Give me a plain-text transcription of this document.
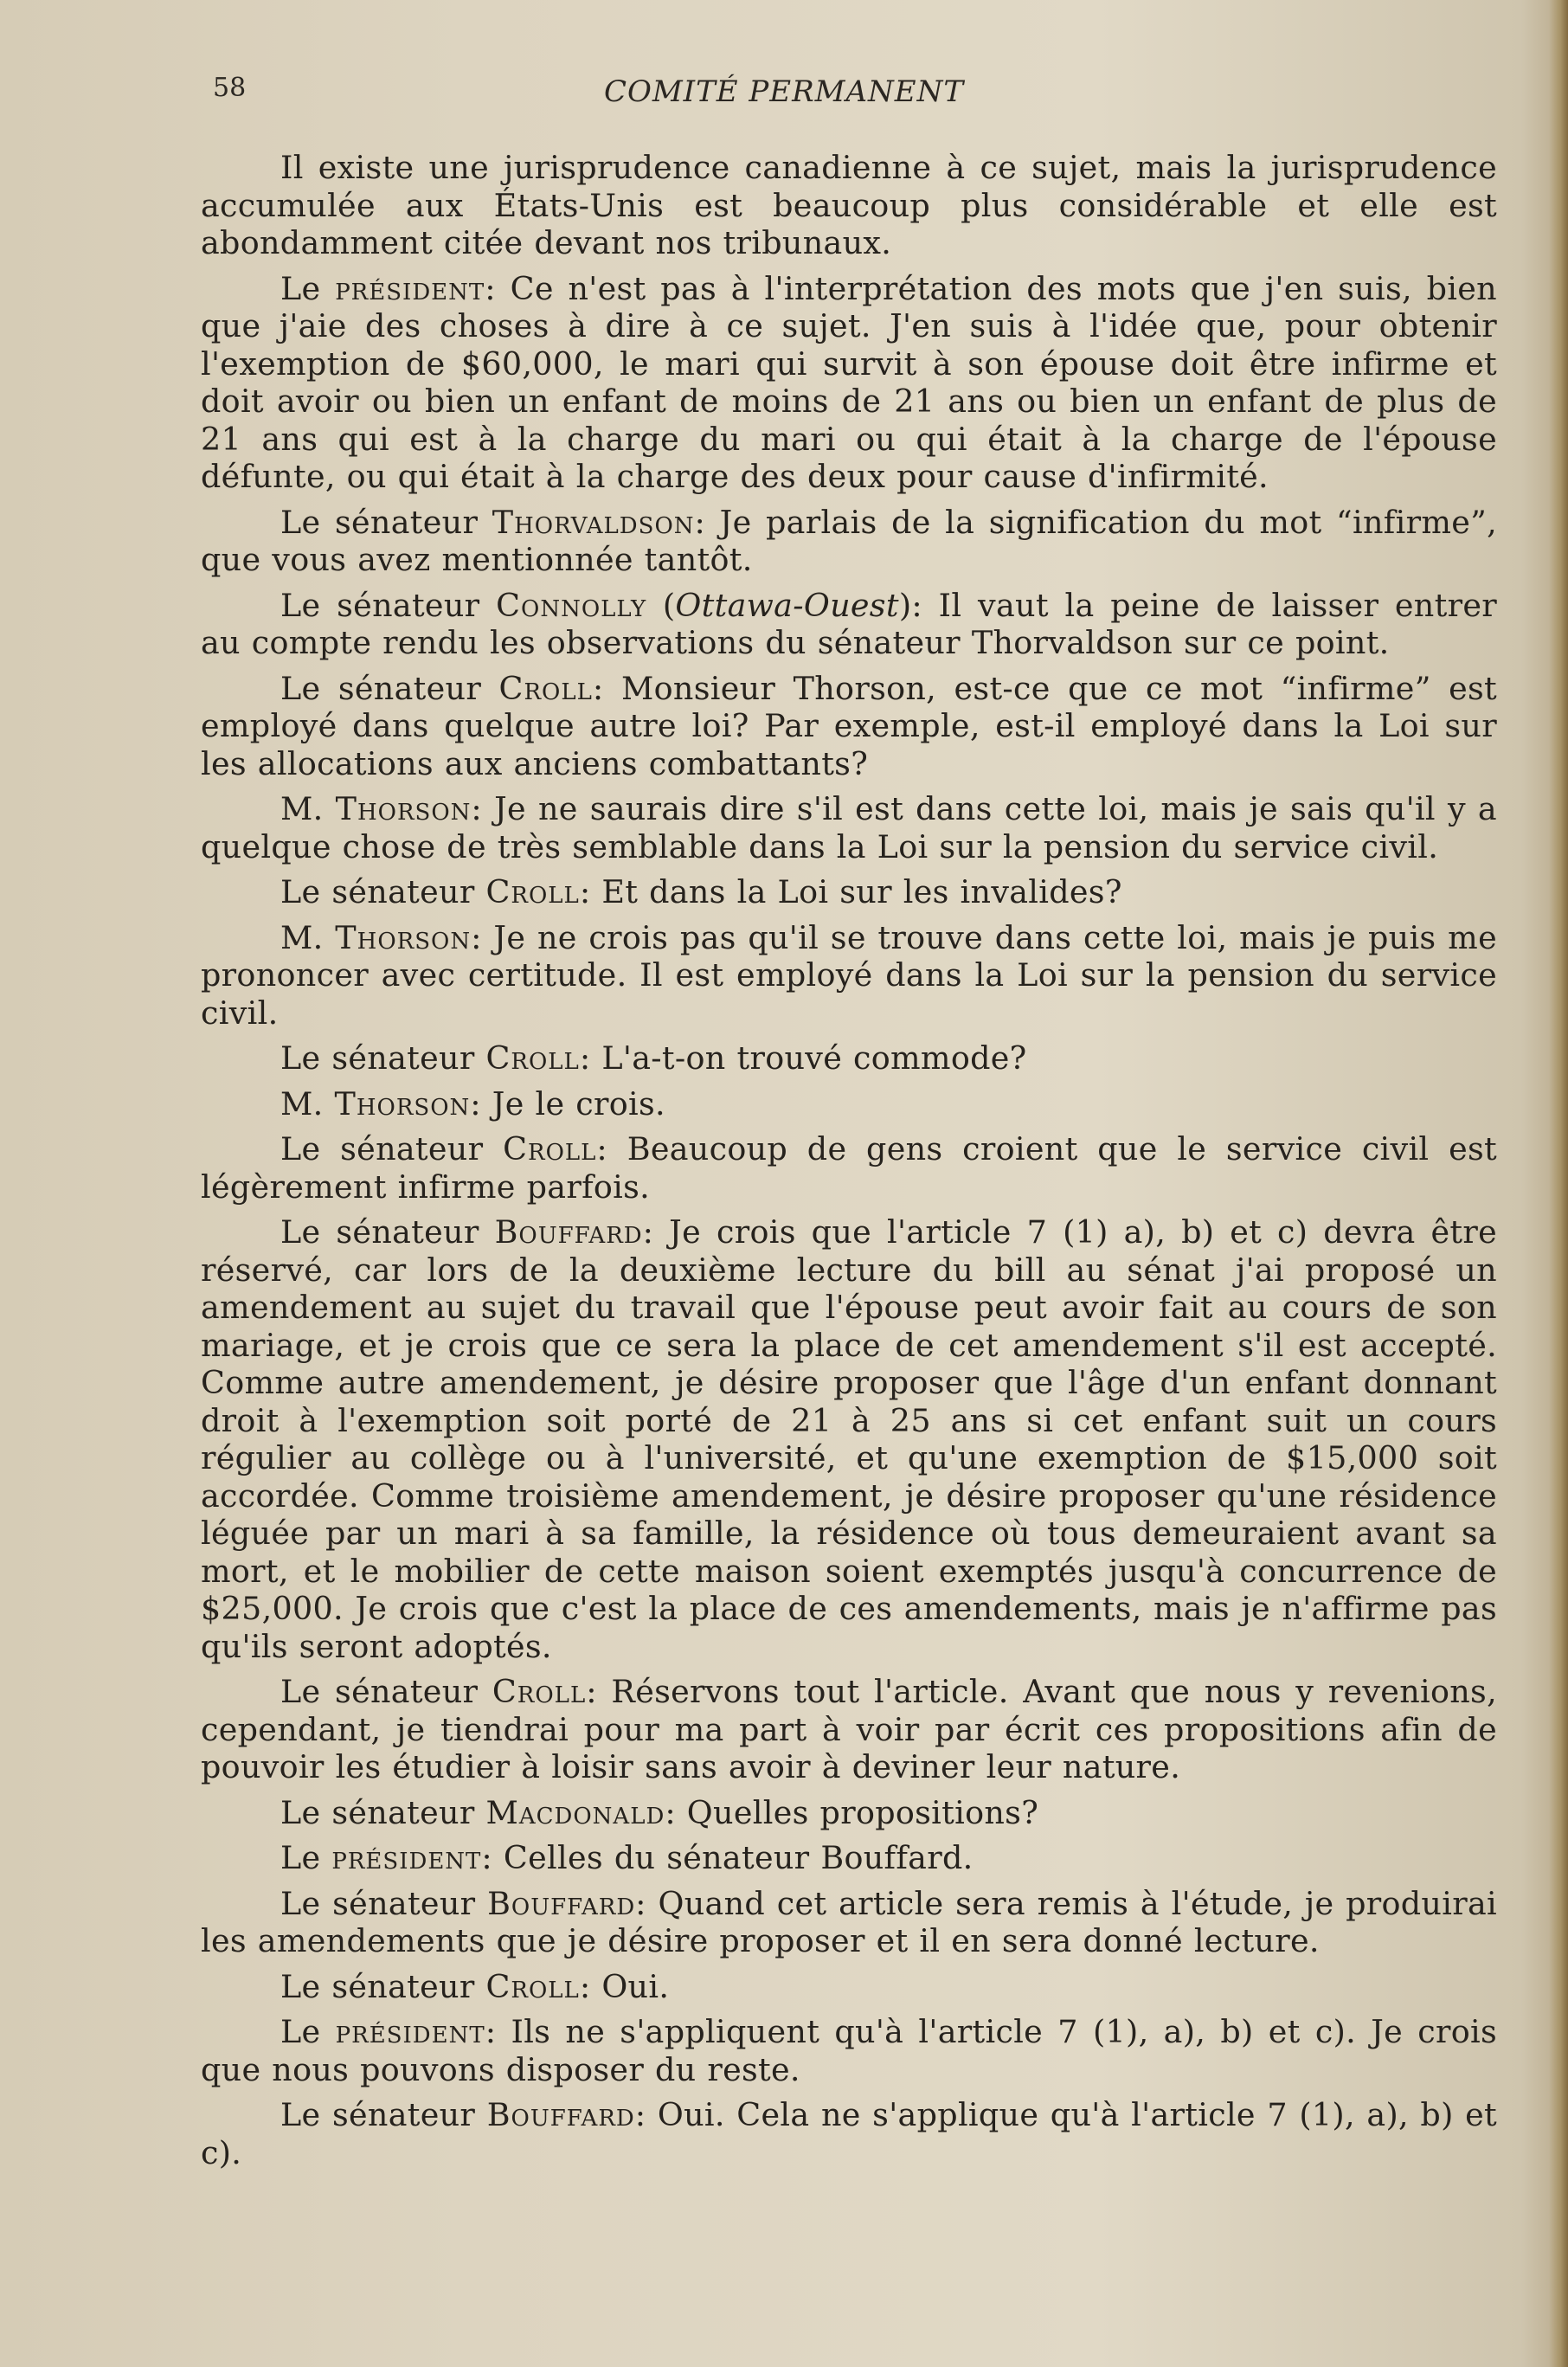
58	COMITÉ PERMANENT

Il existe une jurisprudence canadienne à ce sujet, mais la jurisprudence accumulée aux États-Unis est beaucoup plus considérable et elle est abondamment citée devant nos tribunaux.

Le président: Ce n'est pas à l'interprétation des mots que j'en suis, bien que j'aie des choses à dire à ce sujet. J'en suis à l'idée que, pour obtenir l'exemption de $60,000, le mari qui survit à son épouse doit être infirme et doit avoir ou bien un enfant de moins de 21 ans ou bien un enfant de plus de 21 ans qui est à la charge du mari ou qui était à la charge de l'épouse défunte, ou qui était à la charge des deux pour cause d'infirmité.

Le sénateur Thorvaldson: Je parlais de la signification du mot “infirme”, que vous avez mentionnée tantôt.

Le sénateur Connolly (Ottawa-Ouest): Il vaut la peine de laisser entrer au compte rendu les observations du sénateur Thorvaldson sur ce point.

Le sénateur Croll: Monsieur Thorson, est-ce que ce mot “infirme” est employé dans quelque autre loi? Par exemple, est-il employé dans la Loi sur les allocations aux anciens combattants?

M. Thorson: Je ne saurais dire s'il est dans cette loi, mais je sais qu'il y a quelque chose de très semblable dans la Loi sur la pension du service civil.

Le sénateur Croll: Et dans la Loi sur les invalides?

M. Thorson: Je ne crois pas qu'il se trouve dans cette loi, mais je puis me prononcer avec certitude. Il est employé dans la Loi sur la pension du service civil.

Le sénateur Croll: L'a-t-on trouvé commode?

M. Thorson: Je le crois.

Le sénateur Croll: Beaucoup de gens croient que le service civil est légèrement infirme parfois.

Le sénateur Bouffard: Je crois que l'article 7 (1) a), b) et c) devra être réservé, car lors de la deuxième lecture du bill au sénat j'ai proposé un amendement au sujet du travail que l'épouse peut avoir fait au cours de son mariage, et je crois que ce sera la place de cet amendement s'il est accepté. Comme autre amendement, je désire proposer que l'âge d'un enfant donnant droit à l'exemption soit porté de 21 à 25 ans si cet enfant suit un cours régulier au collège ou à l'université, et qu'une exemption de $15,000 soit accordée. Comme troisième amendement, je désire proposer qu'une résidence léguée par un mari à sa famille, la résidence où tous demeuraient avant sa mort, et le mobilier de cette maison soient exemptés jusqu'à concurrence de $25,000. Je crois que c'est la place de ces amendements, mais je n'affirme pas qu'ils seront adoptés.

Le sénateur Croll: Réservons tout l'article. Avant que nous y revenions, cependant, je tiendrai pour ma part à voir par écrit ces propositions afin de pouvoir les étudier à loisir sans avoir à deviner leur nature.

Le sénateur Macdonald: Quelles propositions?

Le président: Celles du sénateur Bouffard.

Le sénateur Bouffard: Quand cet article sera remis à l'étude, je produirai les amendements que je désire proposer et il en sera donné lecture.

Le sénateur Croll: Oui.

Le président: Ils ne s'appliquent qu'à l'article 7 (1), a), b) et c). Je crois que nous pouvons disposer du reste.

Le sénateur Bouffard: Oui. Cela ne s'applique qu'à l'article 7 (1), a), b) et c).
